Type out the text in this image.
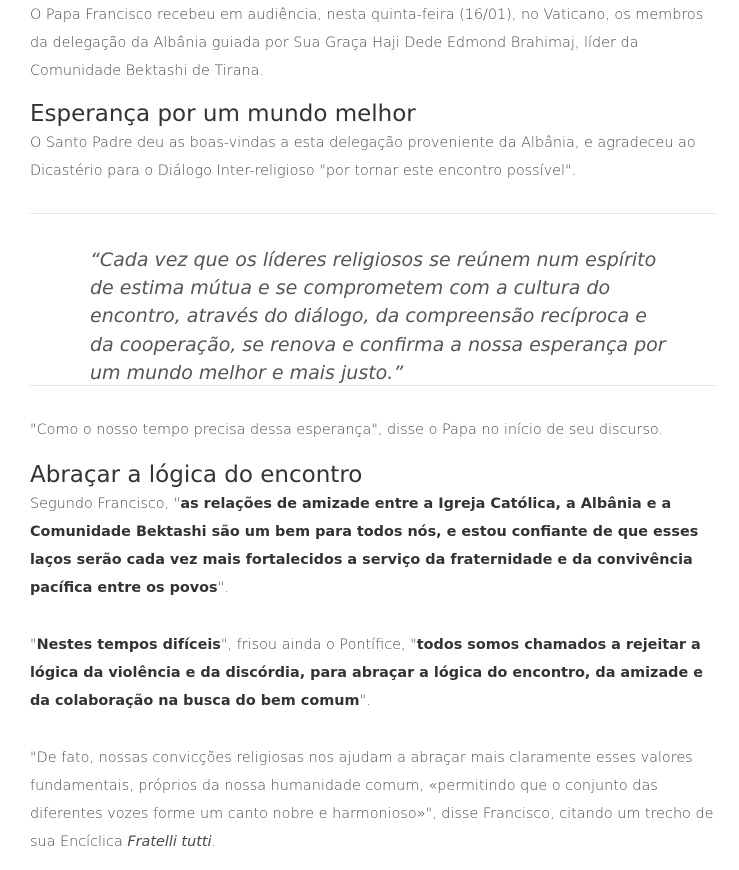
O Papa Francisco recebeu em audiência, nesta quinta-feira (16/01), no Vaticano, os membros da delegação da Albânia guiada por Sua Graça Haji Dede Edmond Brahimaj, líder da Comunidade Bektashi de Tirana.

Esperança por um mundo melhor

O Santo Padre deu as boas-vindas a esta delegação proveniente da Albânia, e agradeceu ao Dicastério para o Diálogo Inter-religioso "por tornar este encontro possível".

“Cada vez que os líderes religiosos se reúnem num espírito de estima mútua e se comprometem com a cultura do encontro, através do diálogo, da compreensão recíproca e da cooperação, se renova e confirma a nossa esperança por um mundo melhor e mais justo.”

"Como o nosso tempo precisa dessa esperança", disse o Papa no início de seu discurso.

Abraçar a lógica do encontro

Segundo Francisco, "as relações de amizade entre a Igreja Católica, a Albânia e a Comunidade Bektashi são um bem para todos nós, e estou confiante de que esses laços serão cada vez mais fortalecidos a serviço da fraternidade e da convivência pacífica entre os povos".

"Nestes tempos difíceis", frisou ainda o Pontífice, "todos somos chamados a rejeitar a lógica da violência e da discórdia, para abraçar a lógica do encontro, da amizade e da colaboração na busca do bem comum".

"De fato, nossas convicções religiosas nos ajudam a abraçar mais claramente esses valores fundamentais, próprios da nossa humanidade comum, «permitindo que o conjunto das diferentes vozes forme um canto nobre e harmonioso»", disse Francisco, citando um trecho de sua Encíclica Fratelli tutti.
